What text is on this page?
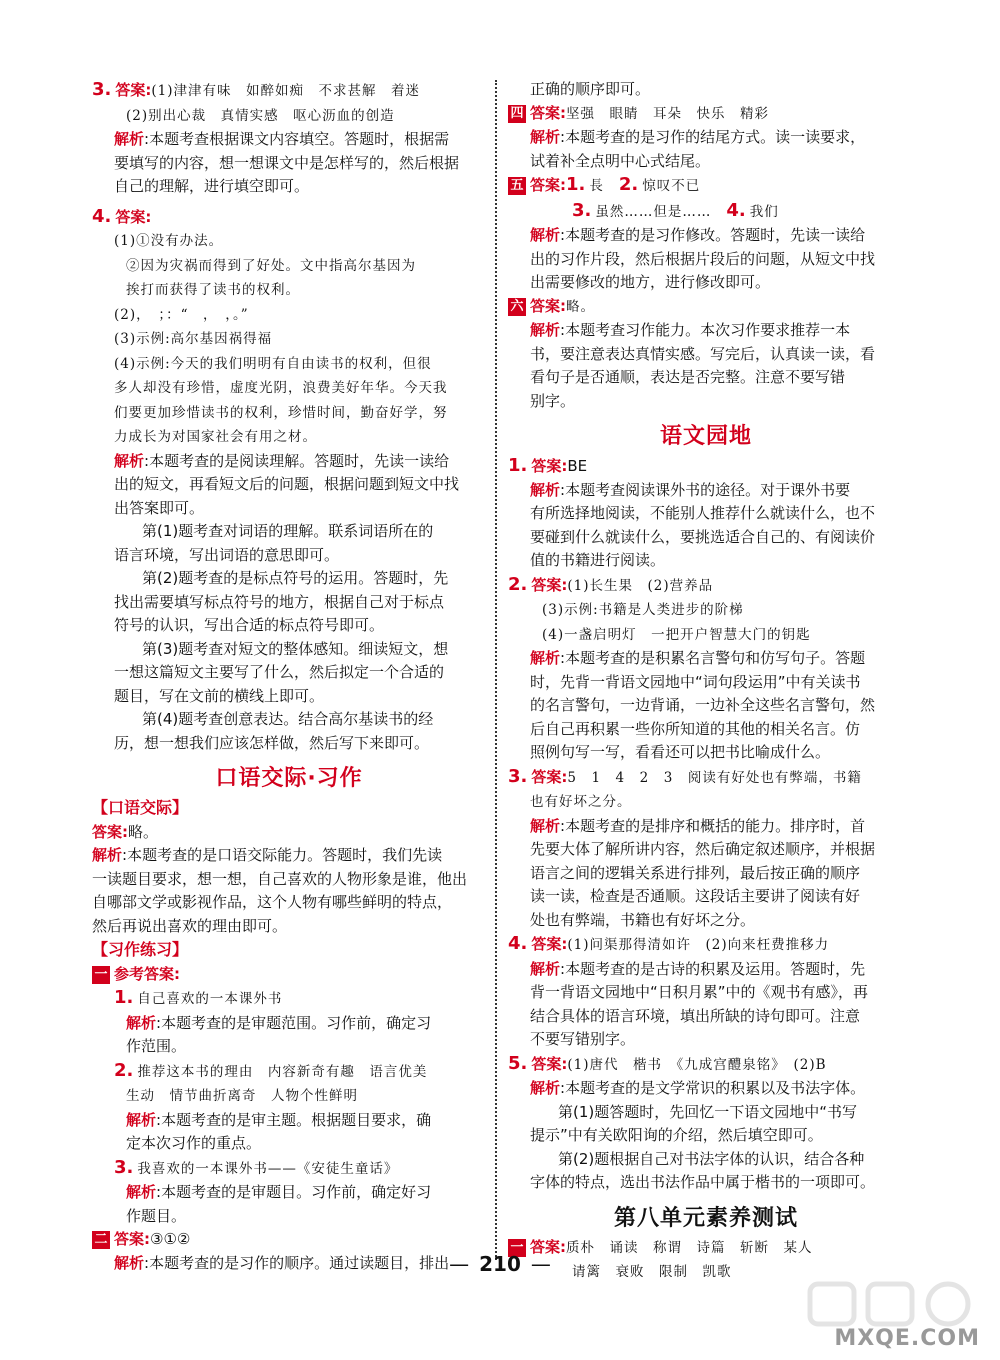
3. 答案:(1)津津有味　如醉如痴　不求甚解　着迷
(2)别出心裁　真情实感　呕心沥血的创造
解析:本题考查根据课文内容填空。答题时，根据需
要填写的内容，想一想课文中是怎样写的，然后根据
自己的理解，进行填空即可。
4. 答案:
(1)①没有办法。
②因为灾祸而得到了好处。文中指高尔基因为
挨打而获得了读书的权利。
(2)，　；：“　，　，。”
(3)示例:高尔基因祸得福
(4)示例:今天的我们明明有自由读书的权利，但很
多人却没有珍惜，虚度光阴，浪费美好年华。今天我
们要更加珍惜读书的权利，珍惜时间，勤奋好学，努
力成长为对国家社会有用之材。
解析:本题考查的是阅读理解。答题时，先读一读给
出的短文，再看短文后的问题，根据问题到短文中找
出答案即可。
第(1)题考查对词语的理解。联系词语所在的
语言环境，写出词语的意思即可。
第(2)题考查的是标点符号的运用。答题时，先
找出需要填写标点符号的地方，根据自己对于标点
符号的认识，写出合适的标点符号即可。
第(3)题考查对短文的整体感知。细读短文，想
一想这篇短文主要写了什么，然后拟定一个合适的
题目，写在文前的横线上即可。
第(4)题考查创意表达。结合高尔基读书的经
历，想一想我们应该怎样做，然后写下来即可。
口语交际·习作
【口语交际】
答案:略。
解析:本题考查的是口语交际能力。答题时，我们先读
一读题目要求，想一想，自己喜欢的人物形象是谁，他出
自哪部文学或影视作品，这个人物有哪些鲜明的特点，
然后再说出喜欢的理由即可。
【习作练习】
一 参考答案:
1. 自己喜欢的一本课外书
解析:本题考查的是审题范围。习作前，确定习
作范围。
2. 推荐这本书的理由　内容新奇有趣　语言优美
生动　情节曲折离奇　人物个性鲜明
解析:本题考查的是审主题。根据题目要求，确
定本次习作的重点。
3. 我喜欢的一本课外书——《安徒生童话》
解析:本题考查的是审题目。习作前，确定好习
作题目。
二 答案:③①②
解析:本题考查的是习作的顺序。通过读题目，排出
正确的顺序即可。
四 答案:坚强　眼睛　耳朵　快乐　精彩
解析:本题考查的是习作的结尾方式。读一读要求，
试着补全点明中心式结尾。
五 答案:1. 長　 2. 惊叹不已
3. 虽然……但是……　 4. 我们
解析:本题考查的是习作修改。答题时，先读一读给
出的习作片段，然后根据片段后的问题，从短文中找
出需要修改的地方，进行修改即可。
六 答案:略。
解析:本题考查习作能力。本次习作要求推荐一本
书，要注意表达真情实感。写完后，认真读一读，看
看句子是否通顺，表达是否完整。注意不要写错
别字。
语文园地
1. 答案:BE
解析:本题考查阅读课外书的途径。对于课外书要
有所选择地阅读，不能别人推荐什么就读什么，也不
要碰到什么就读什么，要挑选适合自己的、有阅读价
值的书籍进行阅读。
2. 答案:(1)长生果　(2)营养品
(3)示例:书籍是人类进步的阶梯
(4)一盏启明灯　一把开户智慧大门的钥匙
解析:本题考查的是积累名言警句和仿写句子。答题
时，先背一背语文园地中“词句段运用”中有关读书
的名言警句，一边背诵，一边补全这些名言警句，然
后自己再积累一些你所知道的其他的相关名言。仿
照例句写一写，看看还可以把书比喻成什么。
3. 答案:5　1　4　2　3　阅读有好处也有弊端，书籍
也有好坏之分。
解析:本题考查的是排序和概括的能力。排序时，首
先要大体了解所讲内容，然后确定叙述顺序，并根据
语言之间的逻辑关系进行排列，最后按正确的顺序
读一读，检查是否通顺。这段话主要讲了阅读有好
处也有弊端，书籍也有好坏之分。
4. 答案:(1)问渠那得清如许　(2)向来枉费推移力
解析:本题考查的是古诗的积累及运用。答题时，先
背一背语文园地中“日积月累”中的《观书有感》，再
结合具体的语言环境，填出所缺的诗句即可。注意
不要写错别字。
5. 答案:(1)唐代　楷书　《九成宫醴泉铭》　(2)B
解析:本题考查的是文学常识的积累以及书法字体。
第(1)题答题时，先回忆一下语文园地中“书写
提示”中有关欧阳询的介绍，然后填空即可。
第(2)题根据自己对书法字体的认识，结合各种
字体的特点，选出书法作品中属于楷书的一项即可。
第八单元素养测试
一 答案:质朴　诵读　称谓　诗篇　斩断　某人
请篱　衰败　限制　凯歌
— 210 —
MXQE.COM
